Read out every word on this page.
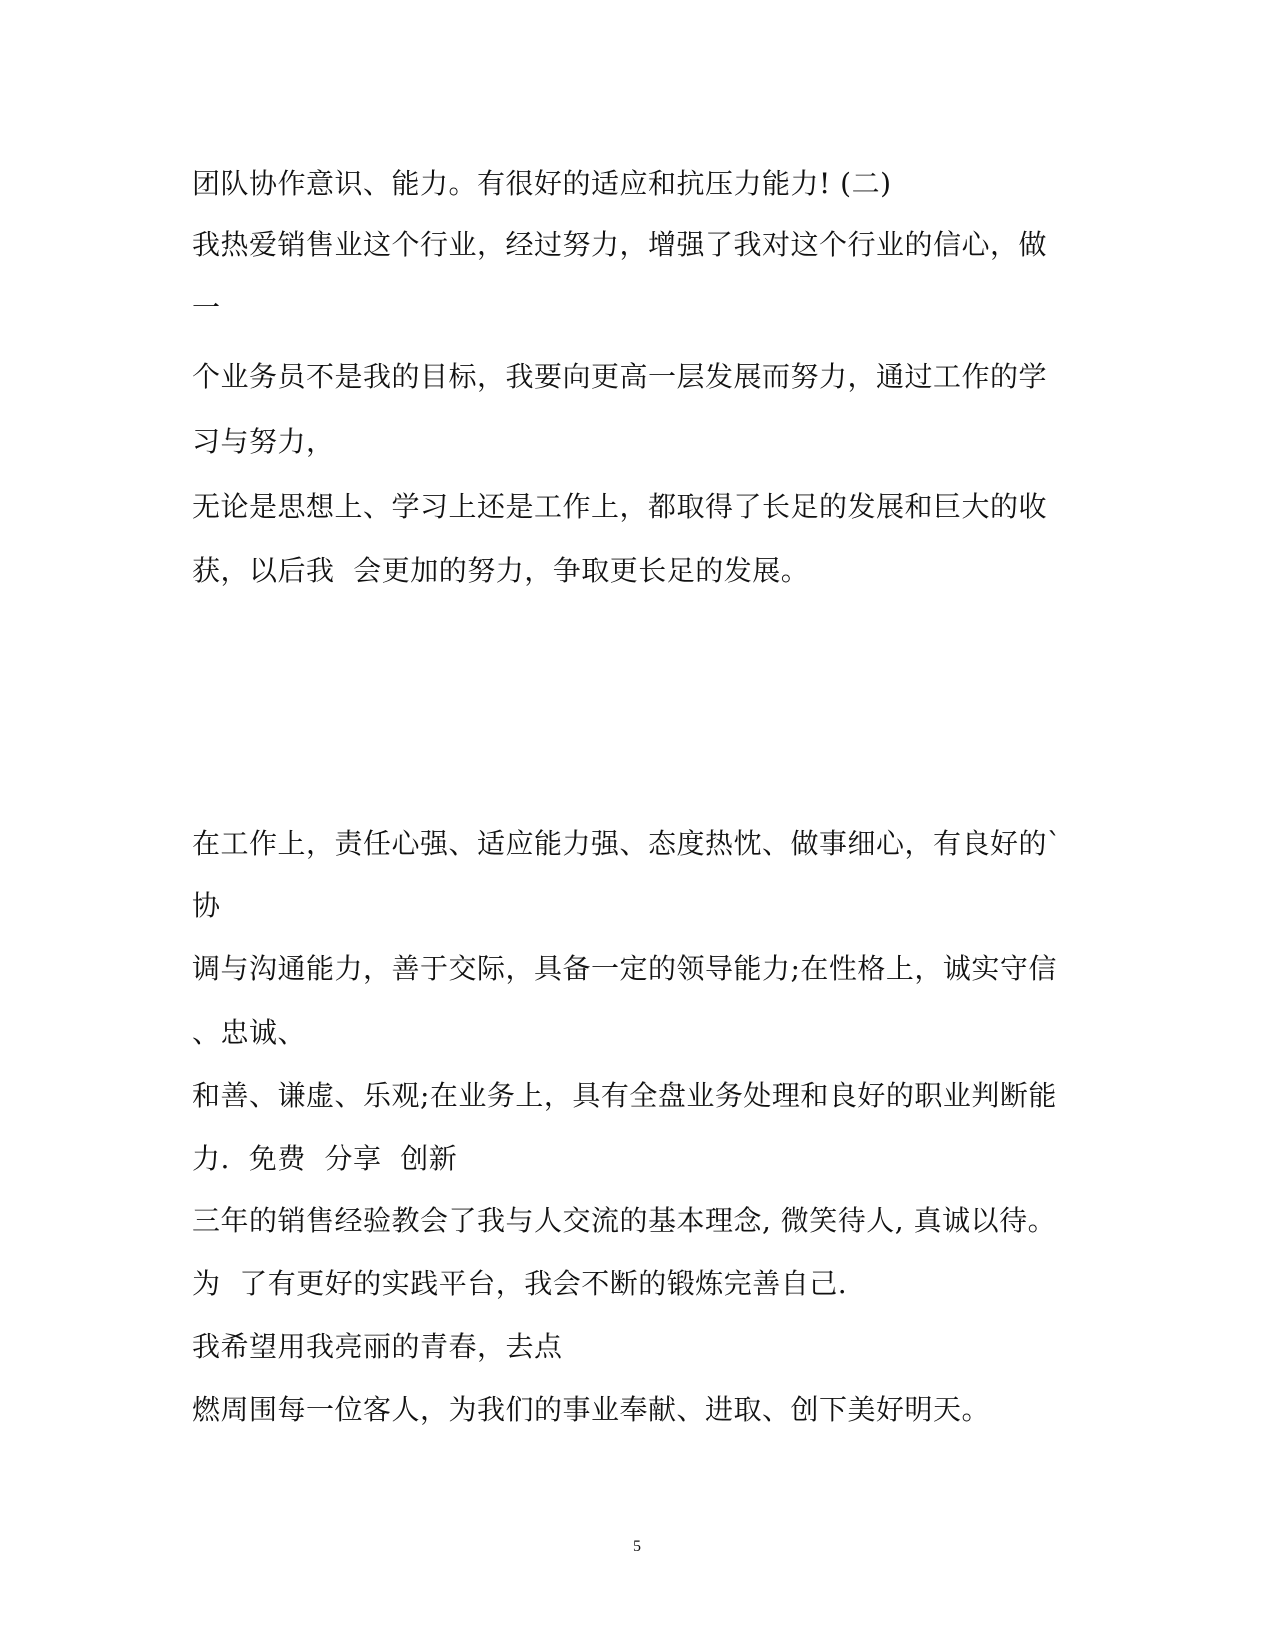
团队协作意识、能力。有很好的适应和抗压力能力! (二)
我热爱销售业这个行业，经过努力，增强了我对这个行业的信心，做
一
个业务员不是我的目标，我要向更高一层发展而努力，通过工作的学
习与努力，
无论是思想上、学习上还是工作上，都取得了长足的发展和巨大的收
获，以后我  会更加的努力，争取更长足的发展。
在工作上，责任心强、适应能力强、态度热忱、做事细心，有良好的`
协
调与沟通能力，善于交际，具备一定的领导能力;在性格上，诚实守信
、忠诚、
和善、谦虚、乐观;在业务上，具有全盘业务处理和良好的职业判断能
力.  免费  分享  创新
三年的销售经验教会了我与人交流的基本理念, 微笑待人, 真诚以待。
为  了有更好的实践平台，我会不断的锻炼完善自己.
我希望用我亮丽的青春，去点
燃周围每一位客人，为我们的事业奉献、进取、创下美好明天。
5
